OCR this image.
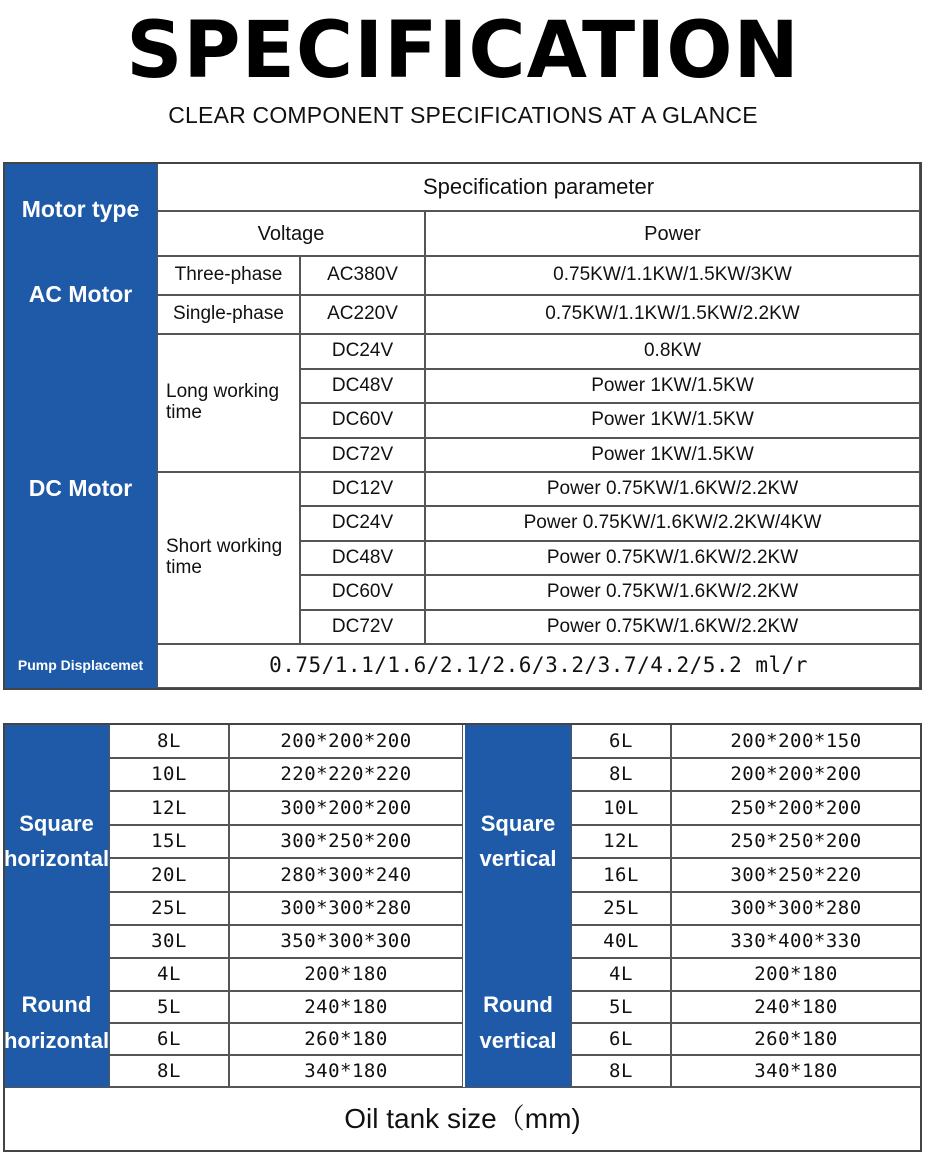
SPECIFICATION
CLEAR COMPONENT SPECIFICATIONS AT A GLANCE
Motor type
Specification parameter
Voltage	Power
AC Motor
Three-phase	AC380V	0.75KW/1.1KW/1.5KW/3KW
Single-phase	AC220V	0.75KW/1.1KW/1.5KW/2.2KW
DC Motor
Long working time
DC24V	0.8KW
DC48V	Power 1KW/1.5KW
DC60V	Power 1KW/1.5KW
DC72V	Power 1KW/1.5KW
Short working time
DC12V	Power 0.75KW/1.6KW/2.2KW
DC24V	Power 0.75KW/1.6KW/2.2KW/4KW
DC48V	Power 0.75KW/1.6KW/2.2KW
DC60V	Power 0.75KW/1.6KW/2.2KW
DC72V	Power 0.75KW/1.6KW/2.2KW
Pump Displacemet	0.75/1.1/1.6/2.1/2.6/3.2/3.7/4.2/5.2 ml/r
Square horizontal
8L	200*200*200
10L	220*220*220
12L	300*200*200
15L	300*250*200
20L	280*300*240
25L	300*300*280
30L	350*300*300
Square vertical
6L	200*200*150
8L	200*200*200
10L	250*200*200
12L	250*250*200
16L	300*250*220
25L	300*300*280
40L	330*400*330
Round horizontal
4L	200*180
5L	240*180
6L	260*180
8L	340*180
Round vertical
4L	200*180
5L	240*180
6L	260*180
8L	340*180
Oil tank size（mm)
